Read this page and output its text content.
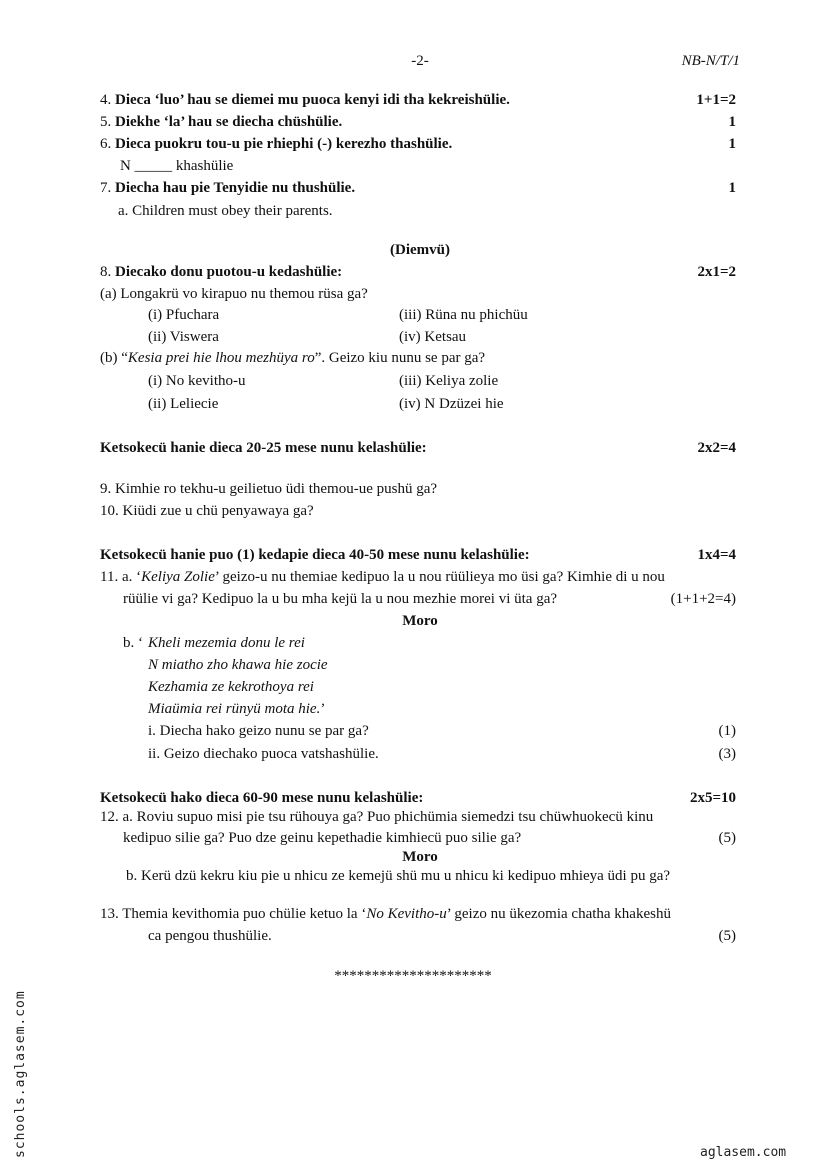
-2-	NB-N/T/1
4. Dieca ‘luo’ hau se diemei mu puoca kenyi idi tha kekreishülie.	1+1=2
5. Diekhe ‘la’ hau se diecha chüshülie.	1
6. Dieca puokru tou-u pie rhiephi (-) kerezho thashülie.	1
N _____ khashülie
7. Diecha hau pie Tenyidie nu thushülie.	1
a. Children must obey their parents.
(Diemvü)
8. Diecako donu puotou-u kedashülie:	2x1=2
(a) Longakrü vo kirapuo nu themou rüsa ga?
(i) Pfuchara	(iii) Rüna nu phichüu
(ii) Viswera	(iv) Ketsau
(b) “Kesia prei hie lhou mezhüya ro”. Geizo kiu nunu se par ga?
(i) No kevitho-u	(iii) Keliya zolie
(ii) Leliecie	(iv) N Dzüzei hie
Ketsokecü hanie dieca 20-25 mese nunu kelashülie:	2x2=4
9. Kimhie ro tekhu-u geilietuo üdi themou-ue pushü ga?
10. Kiüdi zue u chü penyawaya ga?
Ketsokecü hanie puo (1) kedapie dieca 40-50 mese nunu kelashülie:	1x4=4
11. a. ‘Keliya Zolie’ geizo-u nu themiae kedipuo la u nou rüülieya mo üsi ga? Kimhie di u nou
rüülie vi ga? Kedipuo la u bu mha kejü la u nou mezhie morei vi üta ga?	(1+1+2=4)
Moro
b. ‘ Kheli mezemia donu le rei
N miatho zho khawa hie zocie
Kezhamia ze kekrothoya rei
Miaümia rei rünyü mota hie.’
i. Diecha hako geizo nunu se par ga?	(1)
ii. Geizo diechako puoca vatshashülie.	(3)
Ketsokecü hako dieca 60-90 mese nunu kelashülie:	2x5=10
12. a. Roviu supuo misi pie tsu rühouya ga? Puo phichümia siemedzi tsu chüwhuokecü kinu
kedipuo silie ga? Puo dze geinu kepethadie kimhiecü puo silie ga?	(5)
Moro
b. Kerü dzü kekru kiu pie u nhicu ze kemejü shü mu u nhicu ki kedipuo mhieya üdi pu ga?
13. Themia kevithomia puo chülie ketuo la ‘No Kevitho-u’ geizo nu ükezomia chatha khakeshü
ca pengou thushülie.	(5)
*********************
schools.aglasem.com	aglasem.com
